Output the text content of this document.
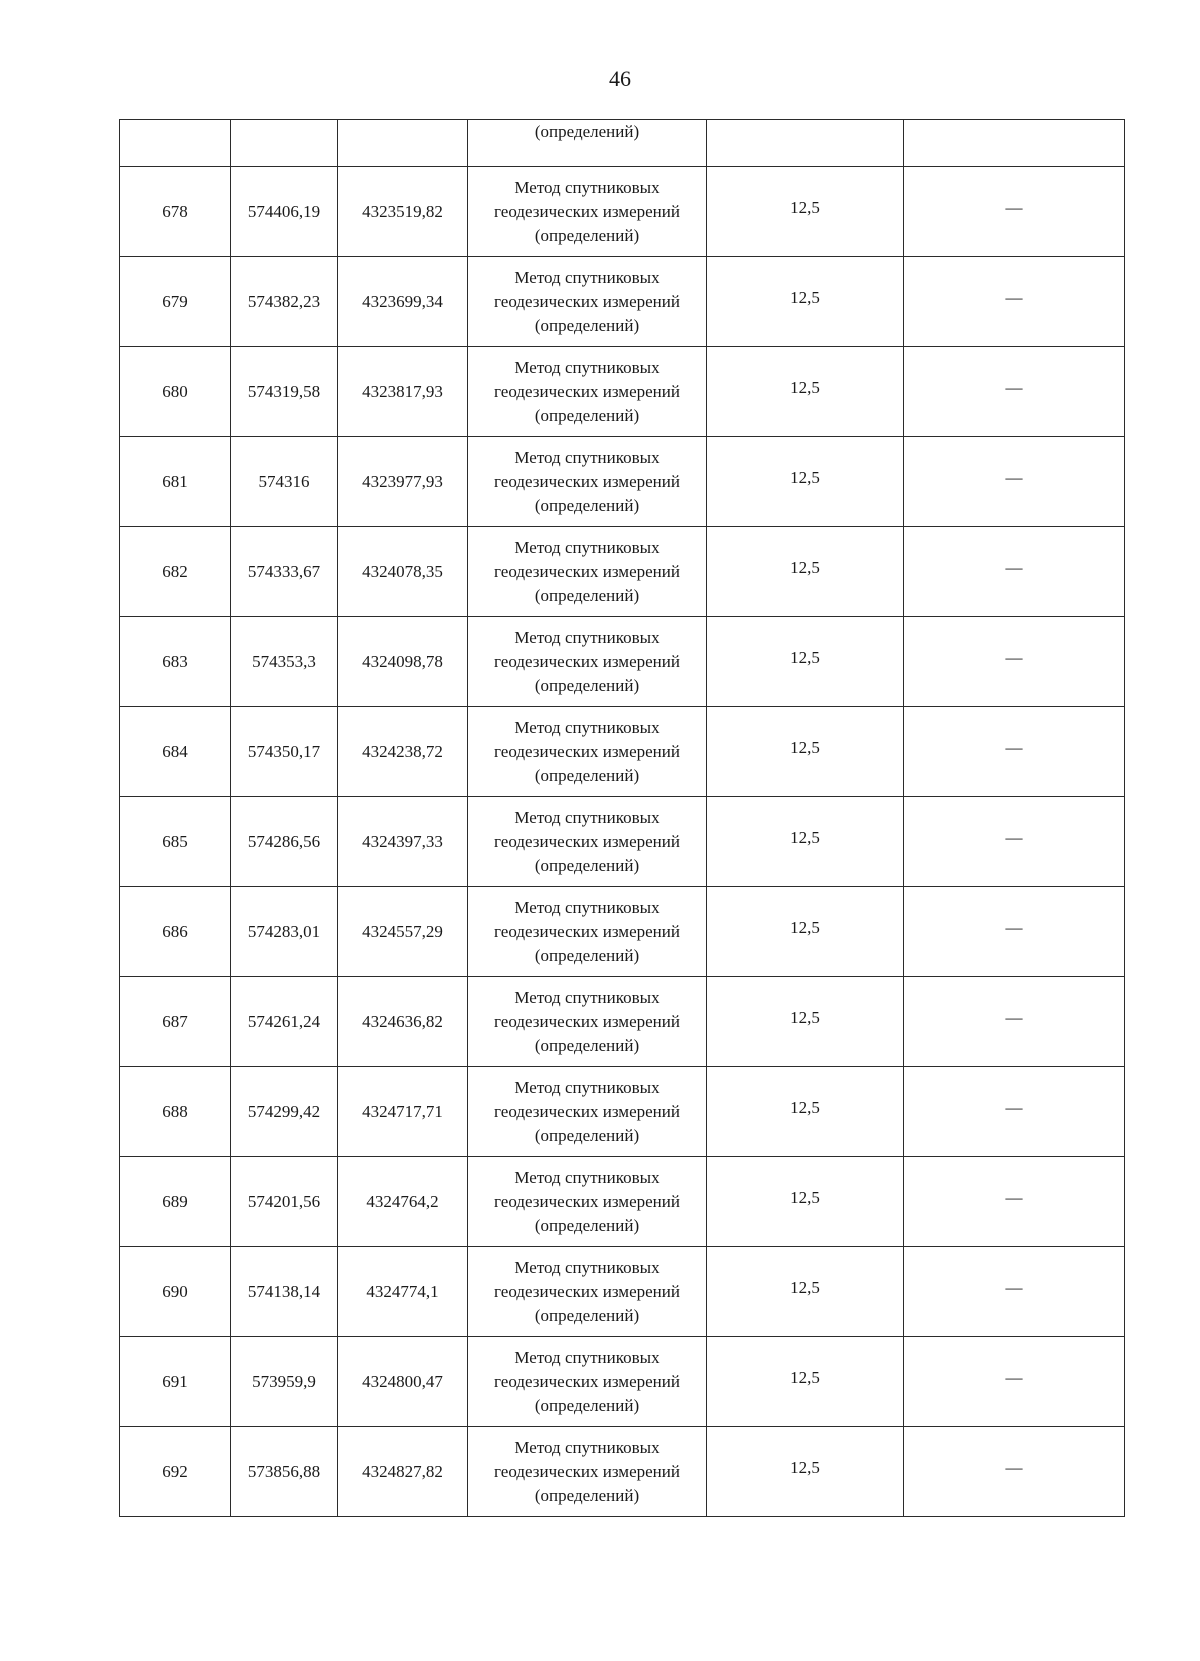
46
			(определений)		
678	574406,19	4323519,82	Метод спутниковых
геодезических измерений
(определений)	12,5	—
679	574382,23	4323699,34	Метод спутниковых
геодезических измерений
(определений)	12,5	—
680	574319,58	4323817,93	Метод спутниковых
геодезических измерений
(определений)	12,5	—
681	574316	4323977,93	Метод спутниковых
геодезических измерений
(определений)	12,5	—
682	574333,67	4324078,35	Метод спутниковых
геодезических измерений
(определений)	12,5	—
683	574353,3	4324098,78	Метод спутниковых
геодезических измерений
(определений)	12,5	—
684	574350,17	4324238,72	Метод спутниковых
геодезических измерений
(определений)	12,5	—
685	574286,56	4324397,33	Метод спутниковых
геодезических измерений
(определений)	12,5	—
686	574283,01	4324557,29	Метод спутниковых
геодезических измерений
(определений)	12,5	—
687	574261,24	4324636,82	Метод спутниковых
геодезических измерений
(определений)	12,5	—
688	574299,42	4324717,71	Метод спутниковых
геодезических измерений
(определений)	12,5	—
689	574201,56	4324764,2	Метод спутниковых
геодезических измерений
(определений)	12,5	—
690	574138,14	4324774,1	Метод спутниковых
геодезических измерений
(определений)	12,5	—
691	573959,9	4324800,47	Метод спутниковых
геодезических измерений
(определений)	12,5	—
692	573856,88	4324827,82	Метод спутниковых
геодезических измерений
(определений)	12,5	—
